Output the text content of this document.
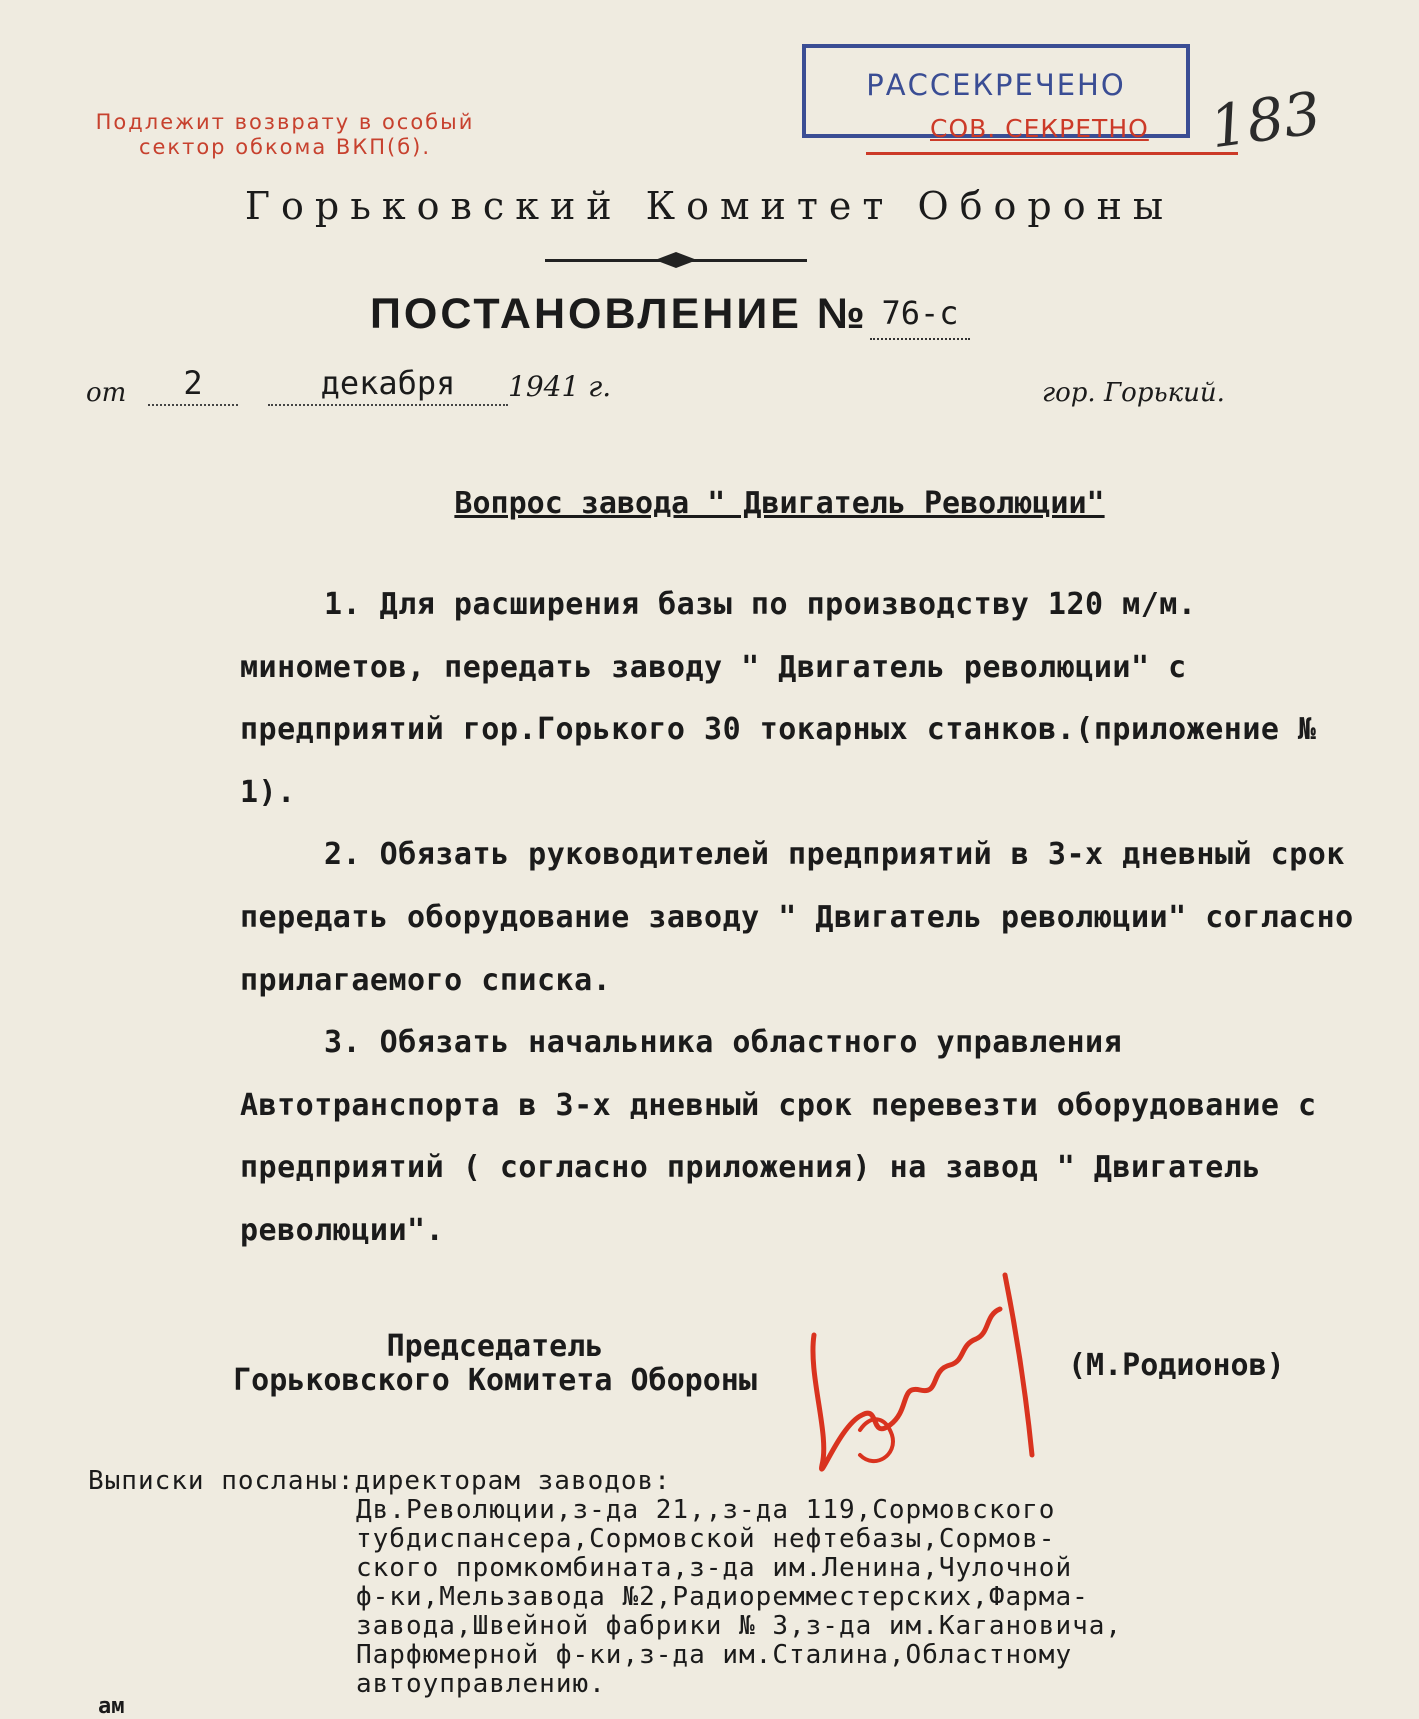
Подлежит возврату в особый
сектор обкома ВКП(б).
РАССЕКРЕЧЕНО
СОВ. СЕКРЕТНО 183
Горьковский Комитет Обороны
ПОСТАНОВЛЕНИЕ № 76-с
от	2	декабря	1941 г.	гор. Горький.
Вопрос завода " Двигатель Революции"

1. Для расширения базы по производству 120 м/м. минометов, передать заводу " Двигатель революции" с предприятий гор.Горького 30 токарных станков.(приложение № 1).

2. Обязать руководителей предприятий в 3-х дневный срок передать оборудование заводу " Двигатель революции" согласно прилагаемого списка.

3. Обязать начальника областного управления Автотранспорта в 3-х дневный срок перевезти оборудование с предприятий ( согласно приложения) на завод " Двигатель революции".

Председатель
Горьковского Комитета Обороны	(М.Родионов)
Выписки посланы:директорам заводов:
Дв.Революции,з-да 21,,з-да 119,Сормовского
тубдиспансера,Сормовской нефтебазы,Сормов-
ского промкомбината,з-да им.Ленина,Чулочной
ф-ки,Мельзавода №2,Радиоремместерских,Фарма-
завода,Швейной фабрики № 3,з-да им.Кагановича,
Парфюмерной ф-ки,з-да им.Сталина,Областному
автоуправлению.
ам
